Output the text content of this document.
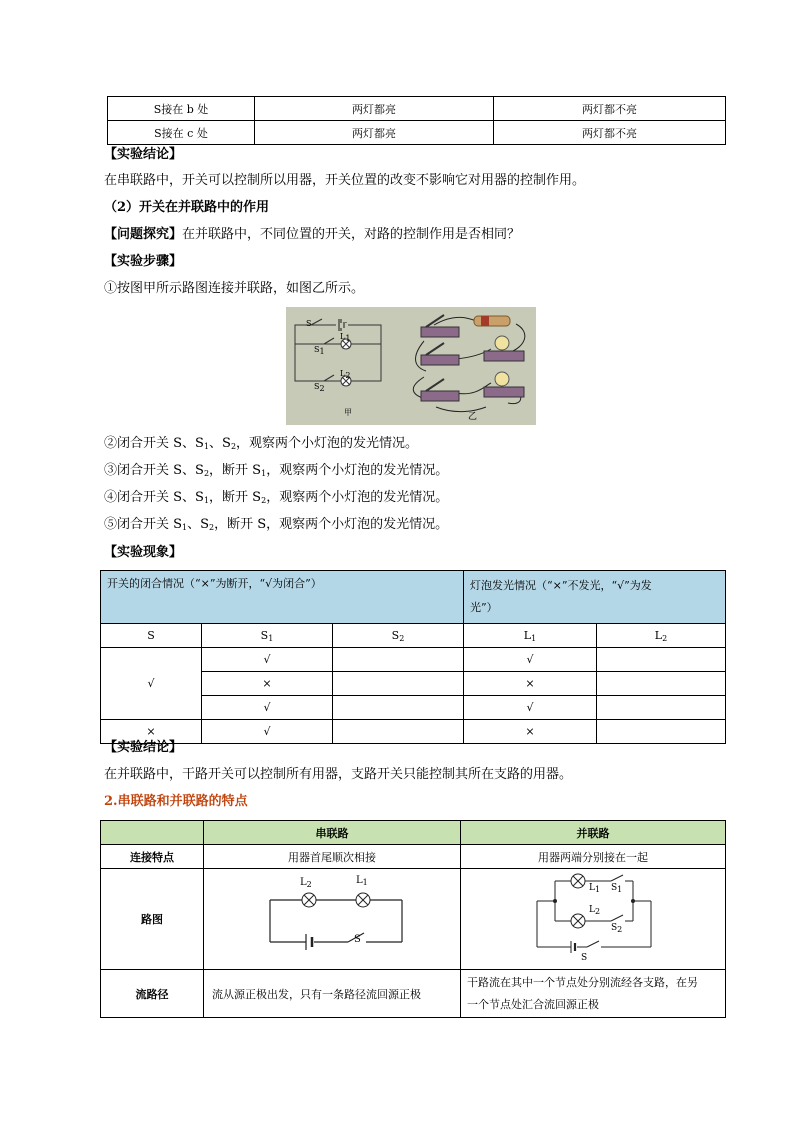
S接在 b 处	两灯都亮	两灯都不亮
S接在 c 处	两灯都亮	两灯都不亮
【实验结论】
在串联路中，开关可以控制所以用器，开关位置的改变不影响它对用器的控制作用。
（2）开关在并联路中的作用
【问题探究】在并联路中，不同位置的开关，对路的控制作用是否相同？
【实验步骤】
①按图甲所示路图连接并联路，如图乙所示。
S
S1
L1
S2
L2
甲	乙
②闭合开关 S、$S_1$、$S_2$，观察两个小灯泡的发光情况。
③闭合开关 S、$S_2$，断开 $S_1$，观察两个小灯泡的发光情况。
④闭合开关 S、$S_1$，断开 $S_2$，观察两个小灯泡的发光情况。
⑤闭合开关 $S_1$、$S_2$，断开 S，观察两个小灯泡的发光情况。
【实验现象】
开关的闭合情况（“×”为断开，“√为闭合”）			灯泡发光情况（“×”不发光，“√”为发
光”）	
S	$S_1$	$S_2$	$L_1$	$L_2$
√	√		√	
	×		×	
	√		√	
×	√		×	
【实验结论】
在并联路中，干路开关可以控制所有用器，支路开关只能控制其所在支路的用器。
2.串联路和并联路的特点
	串联路	并联路
连接特点	用器首尾顺次相接	用器两端分别接在一起
路图	$L_2$ $L_1$
S	L1 S1
L2
S2
S

流路径	流从源正极出发，只有一条路径流回源正极	干路流在其中一个节点处分别流经各支路，在另
一个节点处汇合流回源正极
